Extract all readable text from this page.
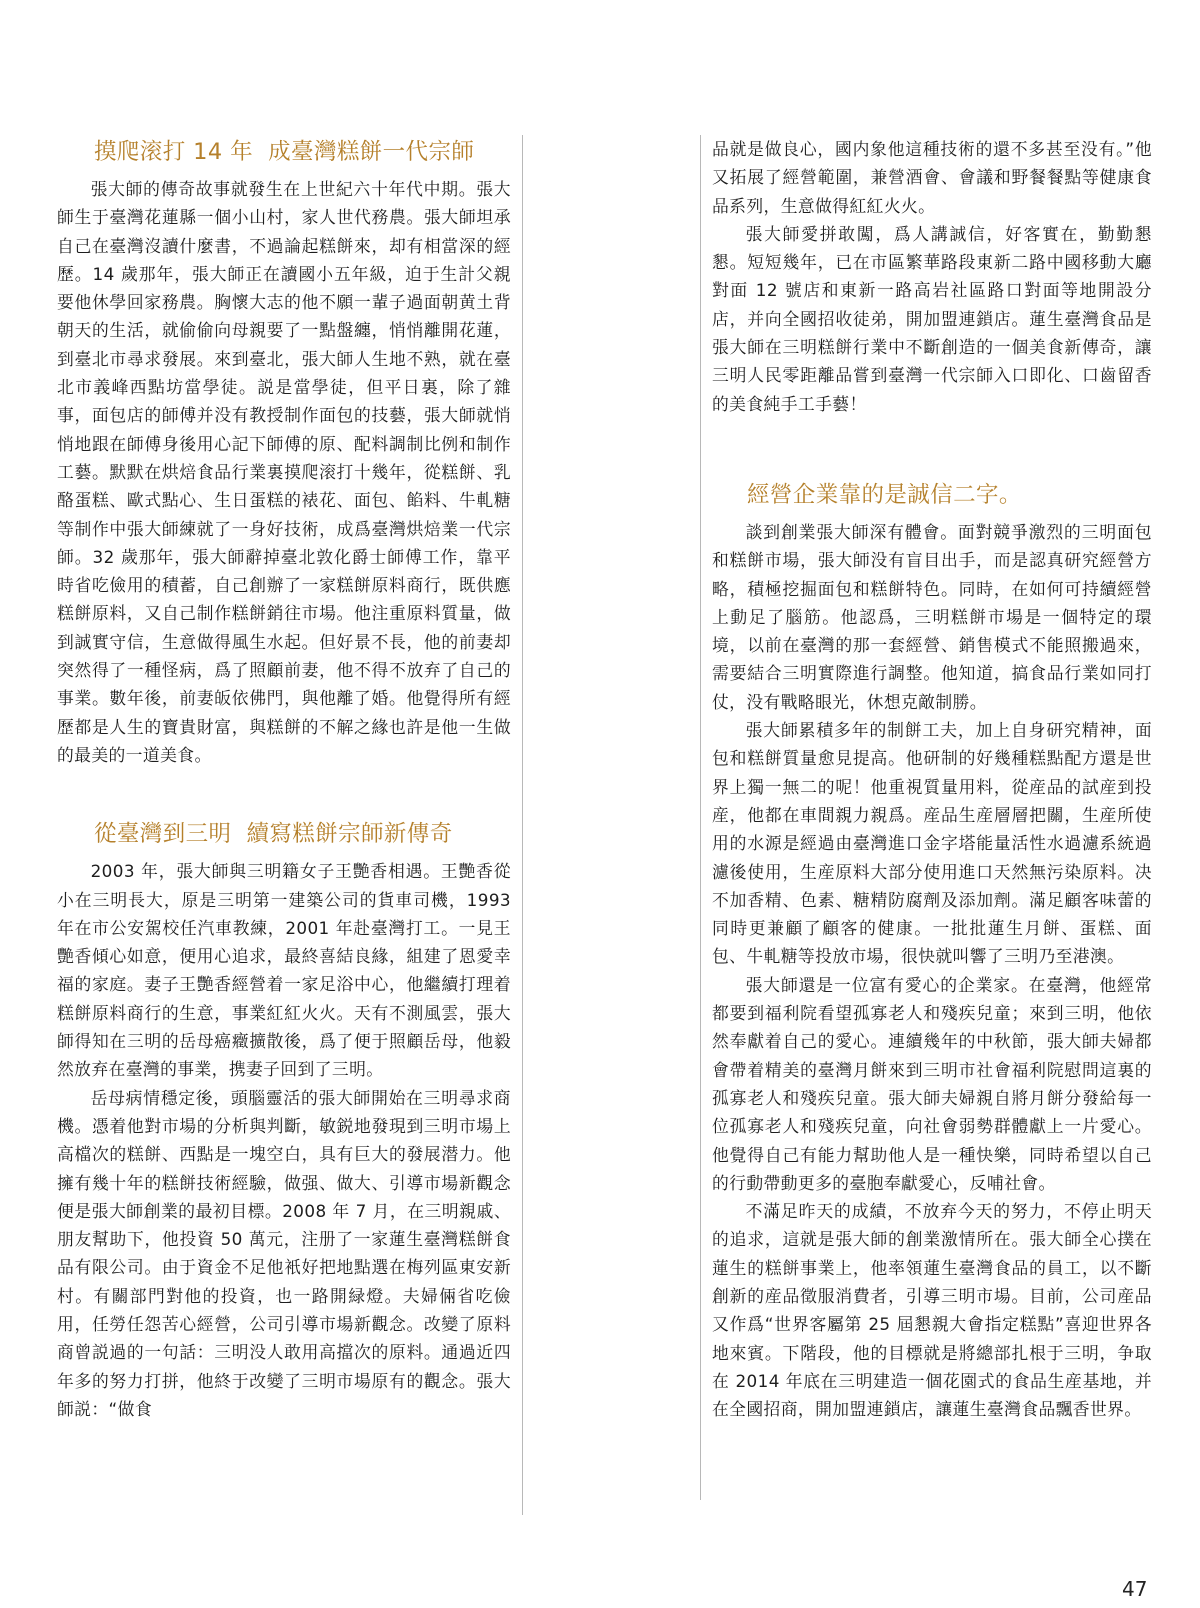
摸爬滚打 14 年  成臺灣糕餅一代宗師

張大師的傳奇故事就發生在上世紀六十年代中期。張大師生于臺灣花蓮縣一個小山村，家人世代務農。張大師坦承自己在臺灣沒讀什麼書，不過論起糕餅來，却有相當深的經歷。14 歲那年，張大師正在讀國小五年級，迫于生計父親要他休學回家務農。胸懷大志的他不願一輩子過面朝黄土背朝天的生活，就偷偷向母親要了一點盤纏，悄悄離開花蓮，到臺北市尋求發展。來到臺北，張大師人生地不熟，就在臺北市義峰西點坊當學徒。説是當學徒，但平日裏，除了雜事，面包店的師傅并没有教授制作面包的技藝，張大師就悄悄地跟在師傅身後用心記下師傅的原、配料調制比例和制作工藝。默默在烘焙食品行業裏摸爬滚打十幾年，從糕餅、乳酪蛋糕、歐式點心、生日蛋糕的裱花、面包、餡料、牛軋糖等制作中張大師練就了一身好技術，成爲臺灣烘焙業一代宗師。32 歲那年，張大師辭掉臺北敦化爵士師傅工作，靠平時省吃儉用的積蓄，自己創辦了一家糕餅原料商行，既供應糕餅原料，又自己制作糕餅銷往市場。他注重原料質量，做到誠實守信，生意做得風生水起。但好景不長，他的前妻却突然得了一種怪病，爲了照顧前妻，他不得不放弃了自己的事業。數年後，前妻皈依佛門，與他離了婚。他覺得所有經歷都是人生的寶貴財富，與糕餅的不解之緣也許是他一生做的最美的一道美食。

從臺灣到三明  續寫糕餅宗師新傳奇

2003 年，張大師與三明籍女子王艷香相遇。王艷香從小在三明長大，原是三明第一建築公司的貨車司機，1993 年在市公安駕校任汽車教練，2001 年赴臺灣打工。一見王艷香傾心如意，便用心追求，最終喜結良緣，組建了恩愛幸福的家庭。妻子王艷香經營着一家足浴中心，他繼續打理着糕餅原料商行的生意，事業紅紅火火。天有不測風雲，張大師得知在三明的岳母癌癥擴散後，爲了便于照顧岳母，他毅然放弃在臺灣的事業，携妻子回到了三明。

岳母病情穩定後，頭腦靈活的張大師開始在三明尋求商機。憑着他對市場的分析與判斷，敏鋭地發現到三明市場上高檔次的糕餅、西點是一塊空白，具有巨大的發展潜力。他擁有幾十年的糕餅技術經驗，做强、做大、引導市場新觀念便是張大師創業的最初目標。2008 年 7 月，在三明親戚、朋友幫助下，他投資 50 萬元，注册了一家蓮生臺灣糕餅食品有限公司。由于資金不足他衹好把地點選在梅列區東安新村。有關部門對他的投資，也一路開緑燈。夫婦倆省吃儉用，任勞任怨苦心經營，公司引導市場新觀念。改變了原料商曾説過的一句話：三明没人敢用高擋次的原料。通過近四年多的努力打拼，他終于改變了三明市場原有的觀念。張大師説：“做食

品就是做良心，國内象他這種技術的還不多甚至没有。”他又拓展了經營範圍，兼營酒會、會議和野餐餐點等健康食品系列，生意做得紅紅火火。

張大師愛拼敢闖，爲人講誠信，好客實在，勤勤懇懇。短短幾年，已在市區繁華路段東新二路中國移動大廳對面 12 號店和東新一路高岩社區路口對面等地開設分店，并向全國招收徒弟，開加盟連鎖店。蓮生臺灣食品是張大師在三明糕餅行業中不斷創造的一個美食新傳奇，讓三明人民零距離品嘗到臺灣一代宗師入口即化、口齒留香的美食純手工手藝！

經營企業靠的是誠信二字。

談到創業張大師深有體會。面對競爭激烈的三明面包和糕餅市場，張大師没有盲目出手，而是認真研究經營方略，積極挖掘面包和糕餅特色。同時，在如何可持續經營上動足了腦筋。他認爲，三明糕餅市場是一個特定的環境，以前在臺灣的那一套經營、銷售模式不能照搬過來，需要結合三明實際進行調整。他知道，搞食品行業如同打仗，没有戰略眼光，休想克敵制勝。

張大師累積多年的制餅工夫，加上自身研究精神，面包和糕餅質量愈見提高。他研制的好幾種糕點配方還是世界上獨一無二的呢！他重視質量用料，從産品的試産到投産，他都在車間親力親爲。産品生産層層把關，生産所使用的水源是經過由臺灣進口金字塔能量活性水過濾系統過濾後使用，生産原料大部分使用進口天然無污染原料。决不加香精、色素、糖精防腐劑及添加劑。滿足顧客味蕾的同時更兼顧了顧客的健康。一批批蓮生月餅、蛋糕、面包、牛軋糖等投放市場，很快就叫響了三明乃至港澳。

張大師還是一位富有愛心的企業家。在臺灣，他經常都要到福利院看望孤寡老人和殘疾兒童；來到三明，他依然奉獻着自己的愛心。連續幾年的中秋節，張大師夫婦都會帶着精美的臺灣月餅來到三明市社會福利院慰問這裏的孤寡老人和殘疾兒童。張大師夫婦親自將月餅分發給每一位孤寡老人和殘疾兒童，向社會弱勢群體獻上一片愛心。他覺得自己有能力幫助他人是一種快樂，同時希望以自己的行動帶動更多的臺胞奉獻愛心，反哺社會。

不滿足昨天的成績，不放弃今天的努力，不停止明天的追求，這就是張大師的創業激情所在。張大師全心撲在蓮生的糕餅事業上，他率領蓮生臺灣食品的員工，以不斷創新的産品徵服消費者，引導三明市場。目前，公司産品又作爲“世界客屬第 25 屆懇親大會指定糕點”喜迎世界各地來賓。下階段，他的目標就是將總部扎根于三明，争取在 2014 年底在三明建造一個花園式的食品生産基地，并在全國招商，開加盟連鎖店，讓蓮生臺灣食品飄香世界。

47
